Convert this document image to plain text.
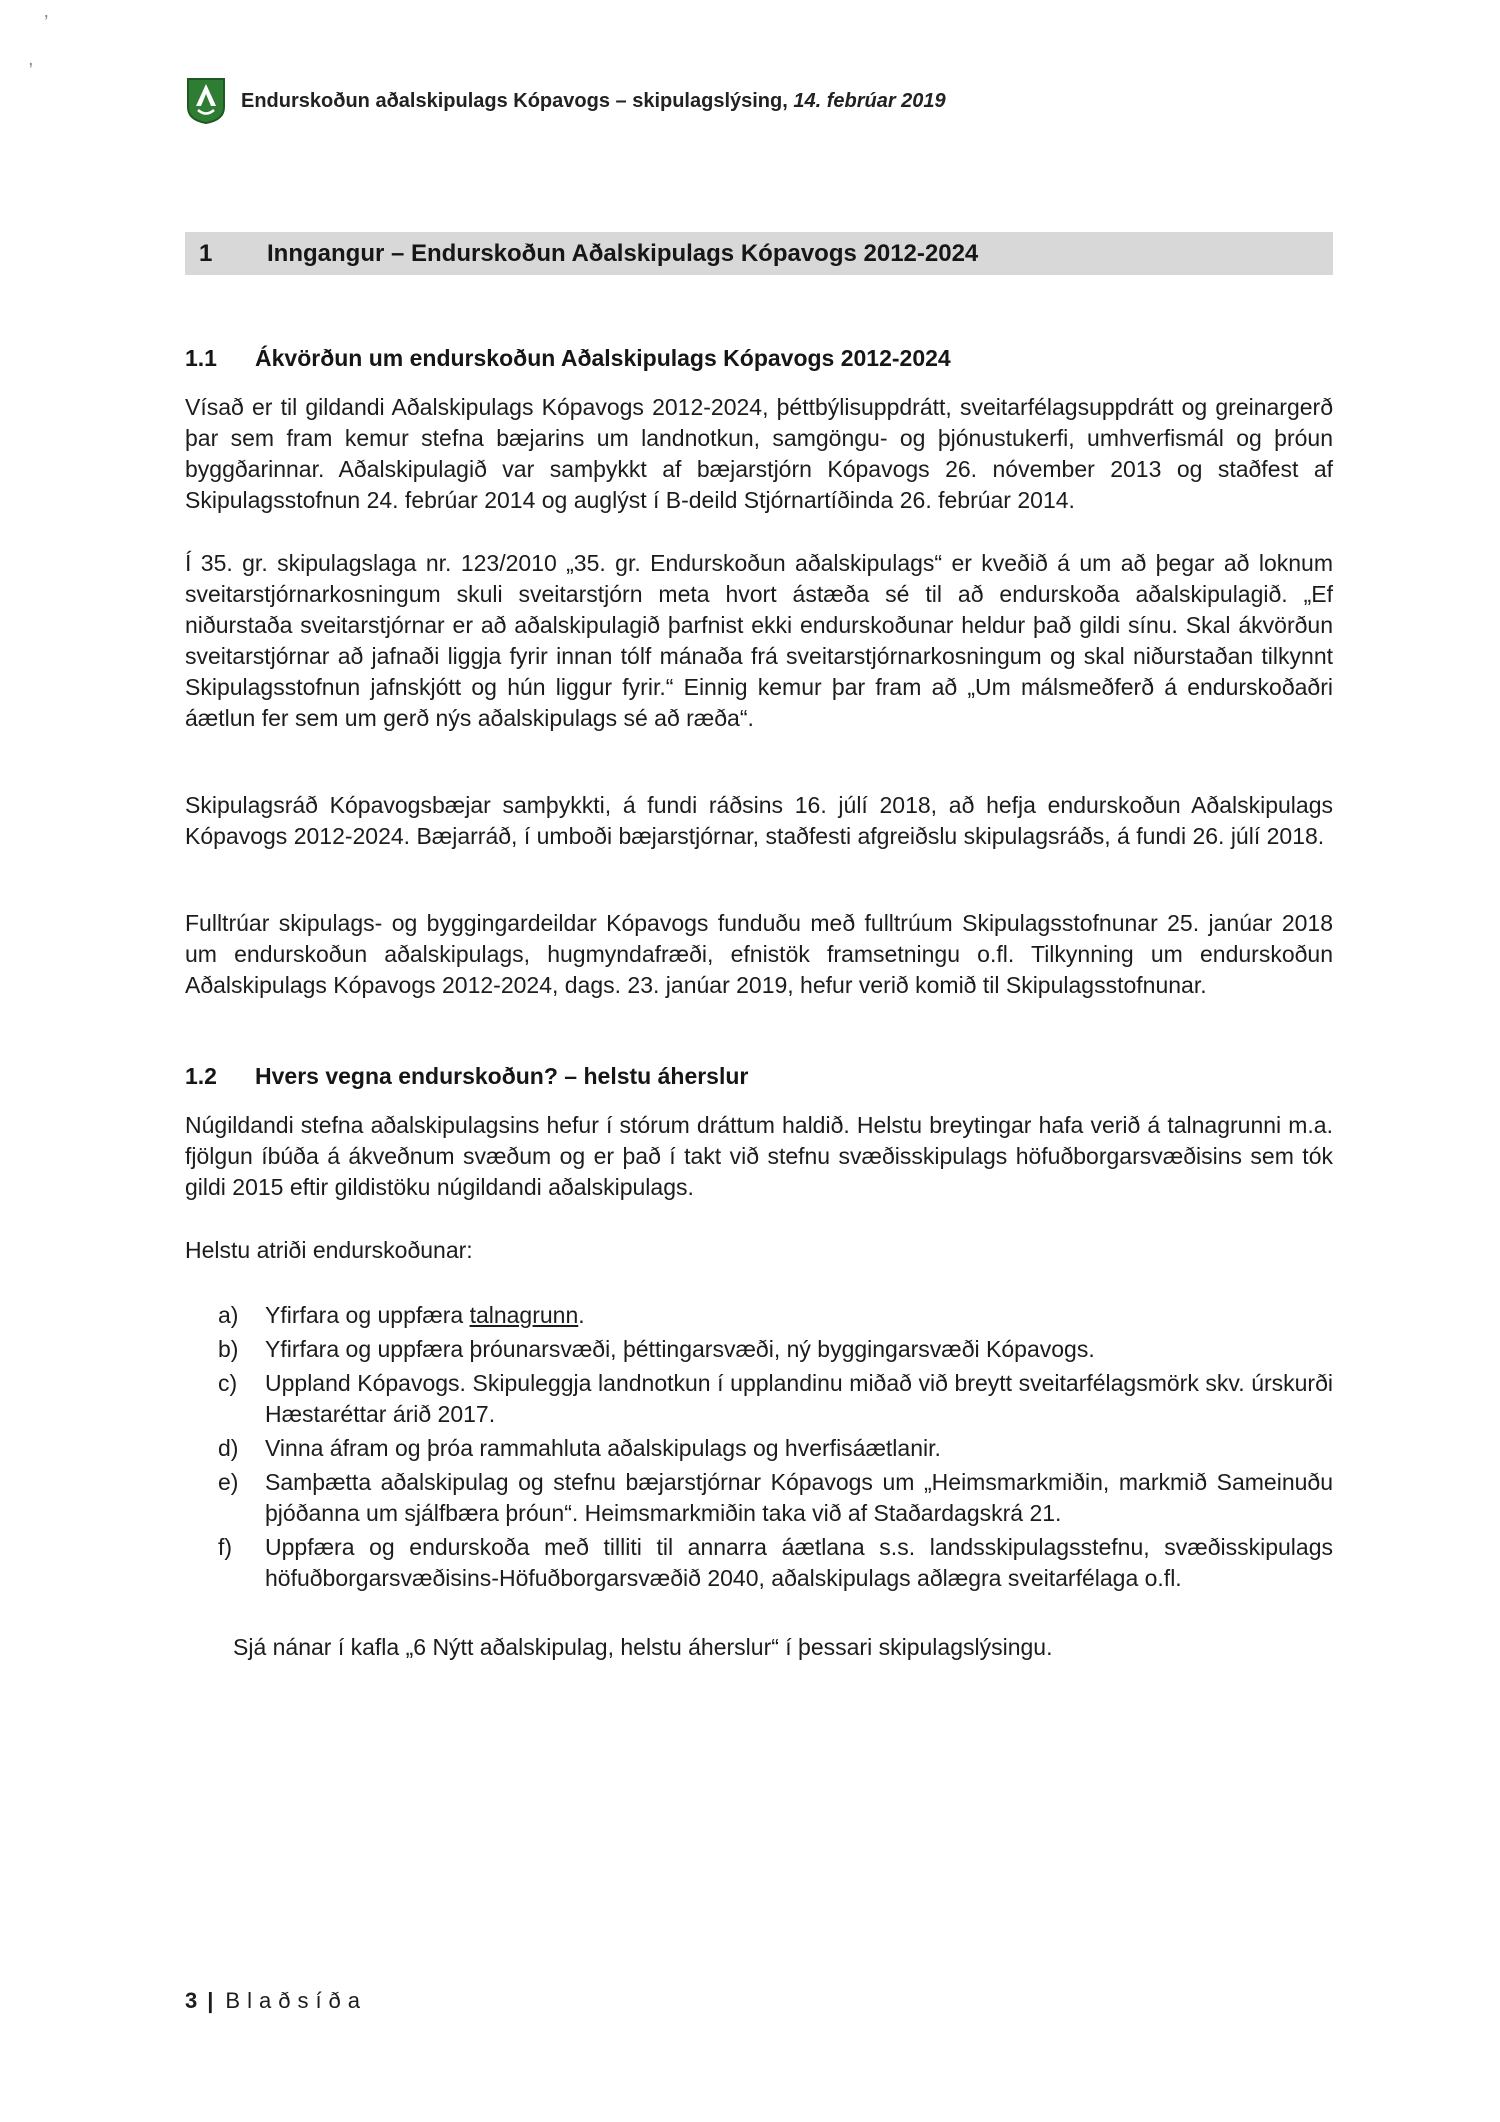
’
,
Endurskoðun aðalskipulags Kópavogs – skipulagslýsing, 14. febrúar 2019
1	Inngangur – Endurskoðun Aðalskipulags Kópavogs 2012-2024
1.1	Ákvörðun um endurskoðun Aðalskipulags Kópavogs 2012-2024

Vísað er til gildandi Aðalskipulags Kópavogs 2012-2024, þéttbýlisuppdrátt, sveitarfélagsuppdrátt og greinargerð þar sem fram kemur stefna bæjarins um landnotkun, samgöngu- og þjónustukerfi, umhverfismál og þróun byggðarinnar. Aðalskipulagið var samþykkt af bæjarstjórn Kópavogs 26. nóvember 2013 og staðfest af Skipulagsstofnun 24. febrúar 2014 og auglýst í B-deild Stjórnartíðinda 26. febrúar 2014.

Í 35. gr. skipulagslaga nr. 123/2010 „35. gr. Endurskoðun aðalskipulags“ er kveðið á um að þegar að loknum sveitarstjórnarkosningum skuli sveitarstjórn meta hvort ástæða sé til að endurskoða aðalskipulagið. „Ef niðurstaða sveitarstjórnar er að aðalskipulagið þarfnist ekki endurskoðunar heldur það gildi sínu. Skal ákvörðun sveitarstjórnar að jafnaði liggja fyrir innan tólf mánaða frá sveitarstjórnarkosningum og skal niðurstaðan tilkynnt Skipulagsstofnun jafnskjótt og hún liggur fyrir.“ Einnig kemur þar fram að „Um málsmeðferð á endurskoðaðri áætlun fer sem um gerð nýs aðalskipulags sé að ræða“.

Skipulagsráð Kópavogsbæjar samþykkti, á fundi ráðsins 16. júlí 2018, að hefja endurskoðun Aðalskipulags Kópavogs 2012-2024. Bæjarráð, í umboði bæjarstjórnar, staðfesti afgreiðslu skipulagsráðs, á fundi 26. júlí 2018.

Fulltrúar skipulags- og byggingardeildar Kópavogs funduðu með fulltrúum Skipulagsstofnunar 25. janúar 2018 um endurskoðun aðalskipulags, hugmyndafræði, efnistök framsetningu o.fl. Tilkynning um endurskoðun Aðalskipulags Kópavogs 2012-2024, dags. 23. janúar 2019, hefur verið komið til Skipulagsstofnunar.

1.2	Hvers vegna endurskoðun? – helstu áherslur

Núgildandi stefna aðalskipulagsins hefur í stórum dráttum haldið. Helstu breytingar hafa verið á talnagrunni m.a. fjölgun íbúða á ákveðnum svæðum og er það í takt við stefnu svæðisskipulags höfuðborgarsvæðisins sem tók gildi 2015 eftir gildistöku núgildandi aðalskipulags.

Helstu atriði endurskoðunar:

a)	Yfirfara og uppfæra talnagrunn.
b)	Yfirfara og uppfæra þróunarsvæði, þéttingarsvæði, ný byggingarsvæði Kópavogs.
c)	Uppland Kópavogs. Skipuleggja landnotkun í upplandinu miðað við breytt sveitarfélagsmörk skv. úrskurði Hæstaréttar árið 2017.
d)	Vinna áfram og þróa rammahluta aðalskipulags og hverfisáætlanir.
e)	Samþætta aðalskipulag og stefnu bæjarstjórnar Kópavogs um „Heimsmarkmiðin, markmið Sameinuðu þjóðanna um sjálfbæra þróun“. Heimsmarkmiðin taka við af Staðardagskrá 21.
f)	Uppfæra og endurskoða með tilliti til annarra áætlana s.s. landsskipulagsstefnu, svæðisskipulags höfuðborgarsvæðisins-Höfuðborgarsvæðið 2040, aðalskipulags aðlægra sveitarfélaga o.fl.

Sjá nánar í kafla „6 Nýtt aðalskipulag, helstu áherslur“ í þessari skipulagslýsingu.

3 | Blaðsíða
